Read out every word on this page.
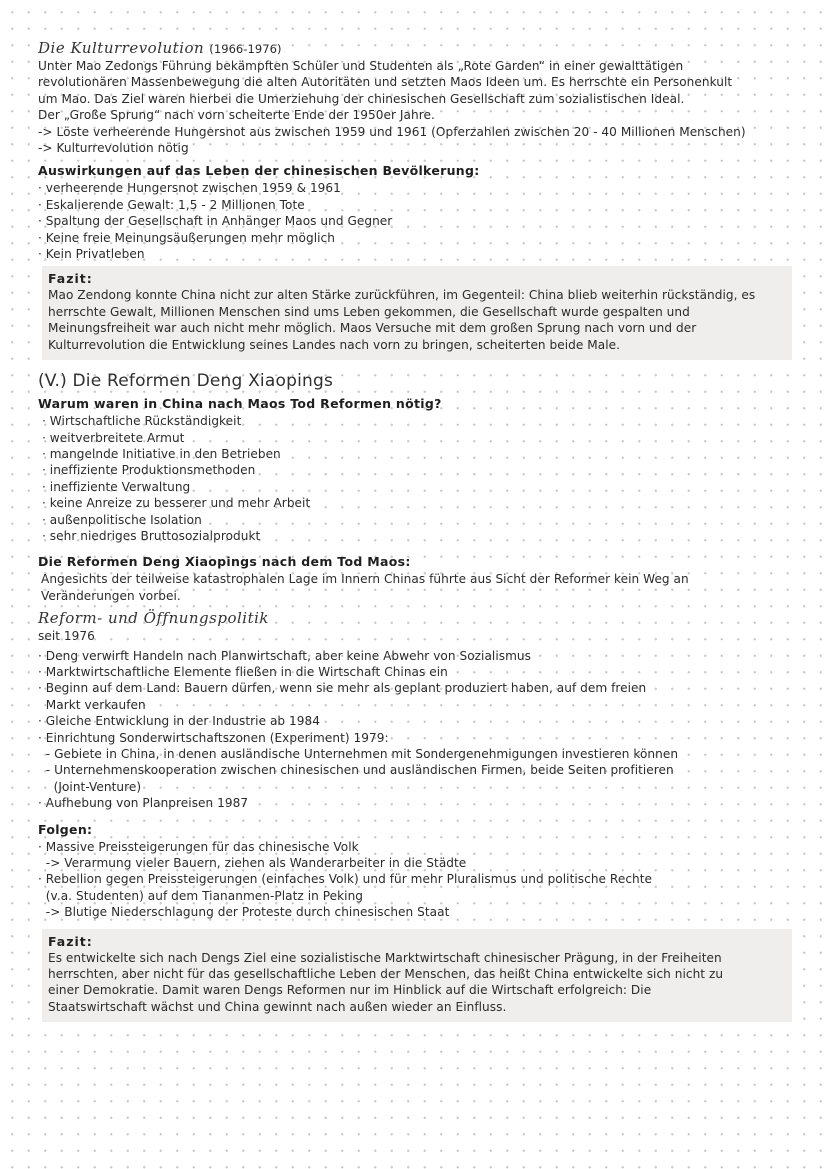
Die Kulturrevolution (1966-1976)
Unter Mao Zedongs Führung bekämpften Schüler und Studenten als „Rote Garden“ in einer gewalttätigen
revolutionären Massenbewegung die alten Autoritäten und setzten Maos Ideen um. Es herrschte ein Personenkult
um Mao. Das Ziel waren hierbei die Umerziehung der chinesischen Gesellschaft zum sozialistischen Ideal.
Der „Große Sprung“ nach vorn scheiterte Ende der 1950er Jahre.
-> Löste verheerende Hungersnot aus zwischen 1959 und 1961 (Opferzahlen zwischen 20 - 40 Millionen Menschen)
-> Kulturrevolution nötig
Auswirkungen auf das Leben der chinesischen Bevölkerung:
· verheerende Hungersnot zwischen 1959 & 1961
· Eskalierende Gewalt: 1,5 - 2 Millionen Tote
· Spaltung der Gesellschaft in Anhänger Maos und Gegner
· Keine freie Meinungsäußerungen mehr möglich
· Kein Privatleben
Fazit:
Mao Zendong konnte China nicht zur alten Stärke zurückführen, im Gegenteil: China blieb weiterhin rückständig, es
herrschte Gewalt, Millionen Menschen sind ums Leben gekommen, die Gesellschaft wurde gespalten und
Meinungsfreiheit war auch nicht mehr möglich. Maos Versuche mit dem großen Sprung nach vorn und der
Kulturrevolution die Entwicklung seines Landes nach vorn zu bringen, scheiterten beide Male.
(V.) Die Reformen Deng Xiaopings
Warum waren in China nach Maos Tod Reformen nötig?
· Wirtschaftliche Rückständigkeit
· weitverbreitete Armut
· mangelnde Initiative in den Betrieben
· ineffiziente Produktionsmethoden
· ineffiziente Verwaltung
· keine Anreize zu besserer und mehr Arbeit
· außenpolitische Isolation
· sehr niedriges Bruttosozialprodukt
Die Reformen Deng Xiaopings nach dem Tod Maos:
Angesichts der teilweise katastrophalen Lage im Innern Chinas führte aus Sicht der Reformer kein Weg an
Veränderungen vorbei.
Reform- und Öffnungspolitik
seit 1976
· Deng verwirft Handeln nach Planwirtschaft, aber keine Abwehr von Sozialismus
· Marktwirtschaftliche Elemente fließen in die Wirtschaft Chinas ein
· Beginn auf dem Land: Bauern dürfen, wenn sie mehr als geplant produziert haben, auf dem freien
Markt verkaufen
· Gleiche Entwicklung in der Industrie ab 1984
· Einrichtung Sonderwirtschaftszonen (Experiment) 1979:
- Gebiete in China, in denen ausländische Unternehmen mit Sondergenehmigungen investieren können
- Unternehmenskooperation zwischen chinesischen und ausländischen Firmen, beide Seiten profitieren
(Joint-Venture)
· Aufhebung von Planpreisen 1987
Folgen:
· Massive Preissteigerungen für das chinesische Volk
-> Verarmung vieler Bauern, ziehen als Wanderarbeiter in die Städte
· Rebellion gegen Preissteigerungen (einfaches Volk) und für mehr Pluralismus und politische Rechte
(v.a. Studenten) auf dem Tiananmen-Platz in Peking
-> Blutige Niederschlagung der Proteste durch chinesischen Staat
Fazit:
Es entwickelte sich nach Dengs Ziel eine sozialistische Marktwirtschaft chinesischer Prägung, in der Freiheiten
herrschten, aber nicht für das gesellschaftliche Leben der Menschen, das heißt China entwickelte sich nicht zu
einer Demokratie. Damit waren Dengs Reformen nur im Hinblick auf die Wirtschaft erfolgreich: Die
Staatswirtschaft wächst und China gewinnt nach außen wieder an Einfluss.
